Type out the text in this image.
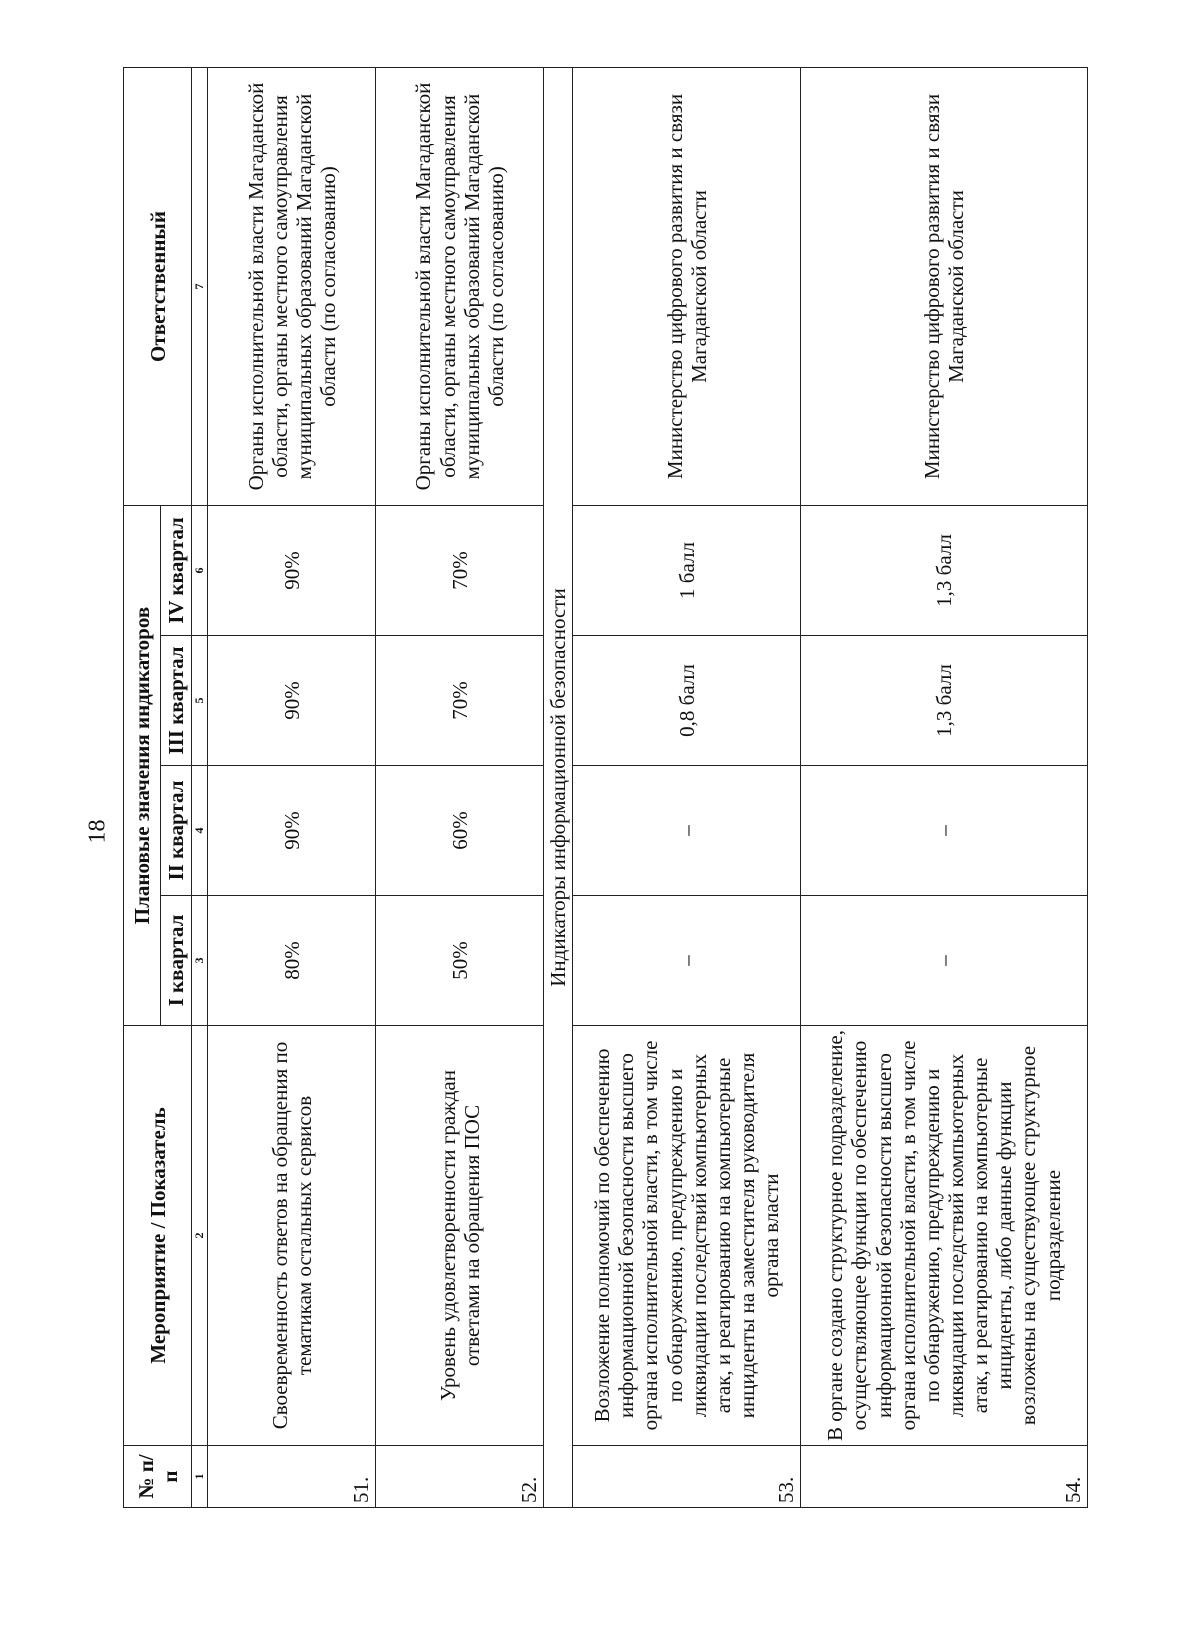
18
№ п/п	Мероприятие / Показатель	Плановые значения индикаторов				Ответственный
		I квартал	II квартал	III квартал	IV квартал	
1	2	3	4	5	6	7
51.	Своевременность ответов на обращения по тематикам остальных сервисов	80%	90%	90%	90%	Органы исполнительной власти Магаданской области, органы местного самоуправления муниципальных образований Магаданской области (по согласованию)
52.	Уровень удовлетворенности граждан ответами на обращения ПОС	50%	60%	70%	70%	Органы исполнительной власти Магаданской области, органы местного самоуправления муниципальных образований Магаданской области (по согласованию)
Индикаторы информационной безопасности						
53.	Возложение полномочий по обеспечению информационной безопасности высшего органа исполнительной власти, в том числе по обнаружению, предупреждению и ликвидации последствий компьютерных атак, и реагированию на компьютерные инциденты на заместителя руководителя органа власти	–	–	0,8 балл	1 балл	Министерство цифрового развития и связи Магаданской области
54.	В органе создано структурное подразделение, осуществляющее функции по обеспечению информационной безопасности высшего органа исполнительной власти, в том числе по обнаружению, предупреждению и ликвидации последствий компьютерных атак, и реагированию на компьютерные инциденты, либо данные функции возложены на существующее структурное подразделение	–	–	1,3 балл	1,3 балл	Министерство цифрового развития и связи Магаданской области
